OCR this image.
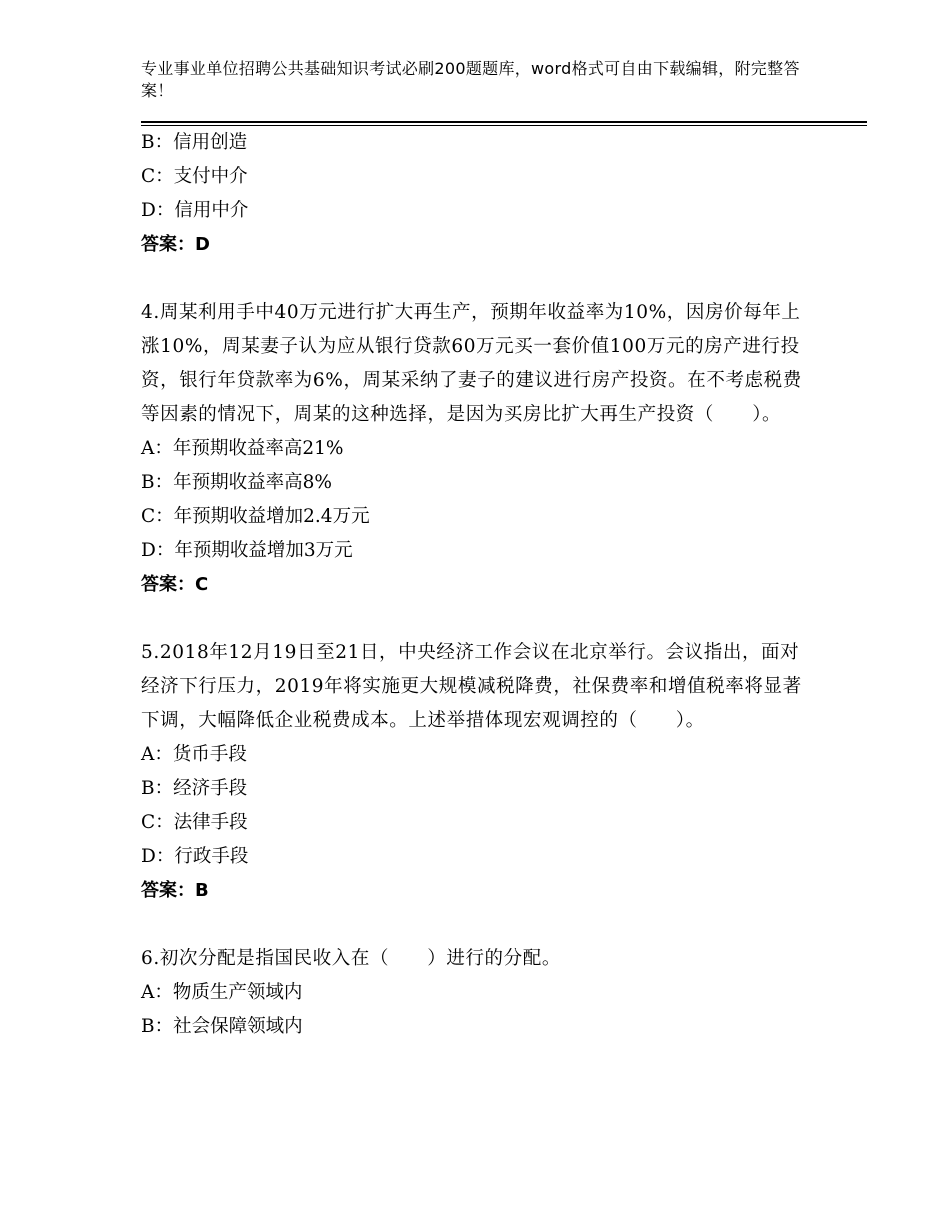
专业事业单位招聘公共基础知识考试必刷200题题库，word格式可自由下载编辑，附完整答案！
B：信用创造
C：支付中介
D：信用中介
答案：D
4.周某利用手中40万元进行扩大再生产，预期年收益率为10%，因房价每年上涨10%，周某妻子认为应从银行贷款60万元买一套价值100万元的房产进行投资，银行年贷款率为6%，周某采纳了妻子的建议进行房产投资。在不考虑税费等因素的情况下，周某的这种选择，是因为买房比扩大再生产投资（　　）。
A：年预期收益率高21%
B：年预期收益率高8%
C：年预期收益增加2.4万元
D：年预期收益增加3万元
答案：C
5.2018年12月19日至21日，中央经济工作会议在北京举行。会议指出，面对经济下行压力，2019年将实施更大规模减税降费，社保费率和增值税率将显著下调，大幅降低企业税费成本。上述举措体现宏观调控的（　　）。
A：货币手段
B：经济手段
C：法律手段
D：行政手段
答案：B
6.初次分配是指国民收入在（　　）进行的分配。
A：物质生产领域内
B：社会保障领域内
